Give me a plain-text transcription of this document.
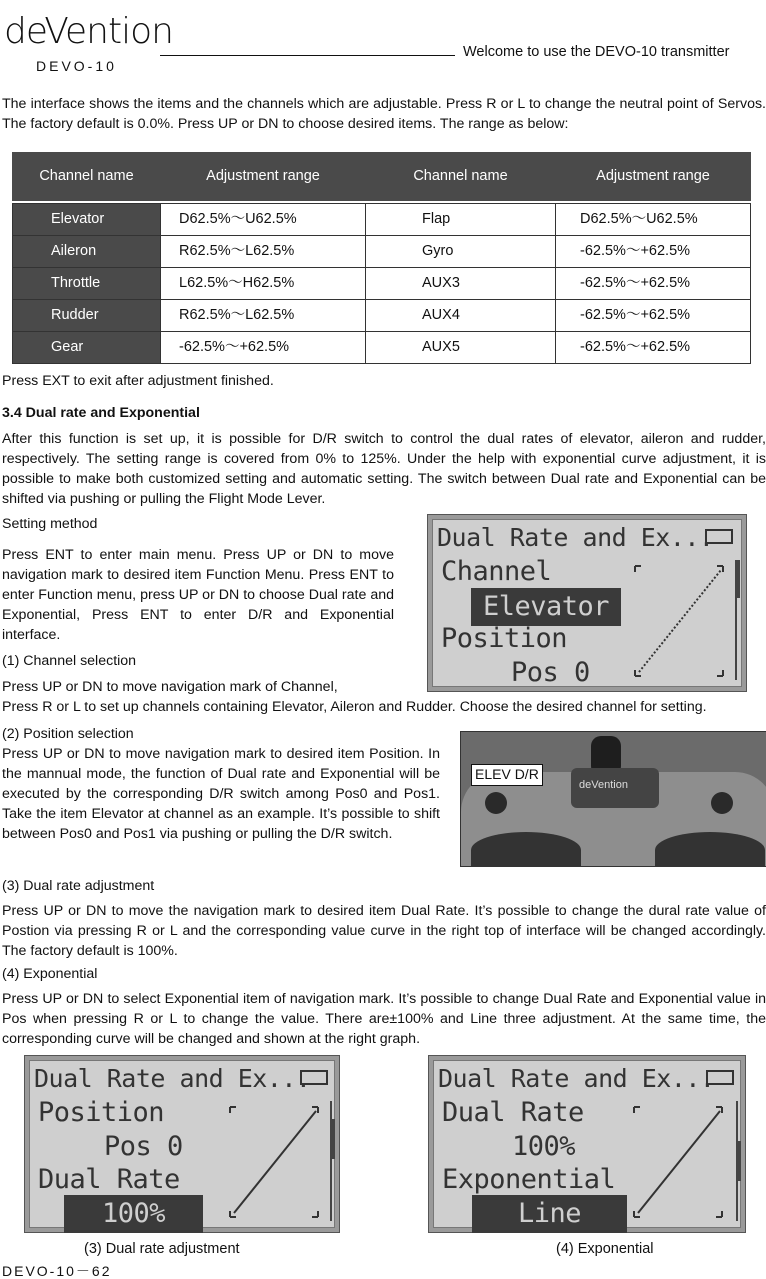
deVention
DEVO-10
Welcome to use the DEVO-10 transmitter

The interface shows the items and the channels which are adjustable. Press R or L to change the neutral point of Servos. The factory default is 0.0%. Press UP or DN to choose desired items. The range as below:

Channel name	Adjustment range	Channel name	Adjustment range

Elevator	D62.5%～U62.5%	Flap	D62.5%～U62.5%
Aileron	R62.5%～L62.5%	Gyro	-62.5%～+62.5%
Throttle	L62.5%～H62.5%	AUX3	-62.5%～+62.5%
Rudder	R62.5%～L62.5%	AUX4	-62.5%～+62.5%
Gear	-62.5%～+62.5%	AUX5	-62.5%～+62.5%

Press EXT to exit after adjustment finished.

3.4 Dual rate and Exponential

After this function is set up, it is possible for D/R switch to control the dual rates of elevator, aileron and rudder, respectively. The setting range is covered from 0% to 125%. Under the help with exponential curve adjustment, it is possible to make both customized setting and automatic setting. The switch between Dual rate and Exponential can be shifted via pushing or pulling the Flight Mode Lever.

Setting method

Press ENT to enter main menu. Press UP or DN to move navigation mark to desired item Function Menu. Press ENT to enter Function menu, press UP or DN to choose Dual rate and Exponential, Press ENT to enter D/R and Exponential interface.

(1) Channel selection

Press UP or DN to move navigation mark of Channel,

Press R or L to set up channels containing Elevator, Aileron and Rudder. Choose the desired channel for setting.

Dual Rate and Ex...
Channel
Elevator
Position
Pos 0

(2) Position selection

Press UP or DN to move navigation mark to desired item Position. In the mannual mode, the function of Dual rate and Exponential will be executed by the corresponding D/R switch among Pos0 and Pos1. Take the item Elevator at channel as an example. It’s possible to shift between Pos0 and Pos1 via pushing or pulling the D/R switch.

deVention
ELEV D/R

(3) Dual rate adjustment

Press UP or DN to move the navigation mark to desired item Dual Rate. It’s possible to change the dural rate value of Postion via pressing R or L and the corresponding value curve in the right top of interface will be changed accordingly. The factory default is 100%.

(4) Exponential

Press UP or DN to select Exponential item of navigation mark. It’s possible to change Dual Rate and Exponential value in Pos when pressing R or L to change the value. There are±100% and Line three adjustment. At the same time, the corresponding curve will be changed and shown at the right graph.

Dual Rate and Ex...
Position
Pos 0
Dual Rate
100%
Dual Rate and Ex...
Dual Rate
100%
Exponential
Line
(3) Dual rate adjustment	(4) Exponential
DEVO-10－62
